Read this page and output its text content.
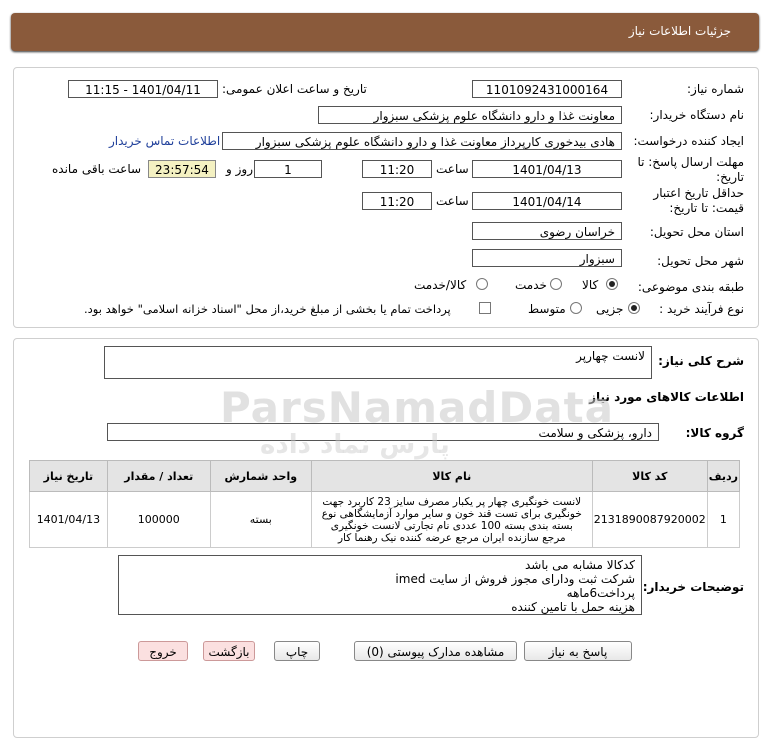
جزئیات اطلاعات نیاز
شماره نیاز:
1101092431000164
تاریخ و ساعت اعلان عمومی:
1401/04/11 - 11:15
نام دستگاه خریدار:
معاونت غذا و دارو دانشگاه علوم پزشکی سبزوار
ایجاد کننده درخواست:
هادی بیدخوری کارپرداز معاونت غذا و دارو دانشگاه علوم پزشکی سبزوار
اطلاعات تماس خریدار
مهلت ارسال پاسخ: تا تاریخ:
1401/04/13
ساعت
11:20
1
روز و
23:57:54
ساعت باقی مانده
حداقل تاریخ اعتبار قیمت: تا تاریخ:
1401/04/14
ساعت
11:20
استان محل تحویل:
خراسان رضوی
شهر محل تحویل:
سبزوار
طبقه بندی موضوعی:
کالا
خدمت
کالا/خدمت
نوع فرآیند خرید :
جزیی
متوسط
پرداخت تمام یا بخشی از مبلغ خرید،از محل "اسناد خزانه اسلامی" خواهد بود.
شرح کلی نیاز:
لانست چهارپر
اطلاعات کالاهای مورد نیاز
گروه کالا:
دارو، پزشکی و سلامت
ردیف	کد کالا	نام کالا	واحد شمارش	تعداد / مقدار	تاریخ نیاز
1	2131890087920002	لانست خونگیری چهار پر یکبار مصرف سایز 23 کاربرد جهت خونگیری برای تست قند خون و سایر موارد آزمایشگاهی نوع بسته بندی بسته 100 عددی نام تجارتی لانست خونگیری مرجع سازنده ایران مرجع عرضه کننده نیک رهنما کار	بسته	100000	1401/04/13
توضیحات خریدار:
کدکالا مشابه می باشد
شرکت ثبت ودارای مجوز فروش از سایت imed
پرداخت6ماهه
هزینه حمل با تامین کننده
پاسخ به نیاز
مشاهده مدارک پیوستی (0)
چاپ
بازگشت
خروج
ParsNamadData
پارس نماد داده
